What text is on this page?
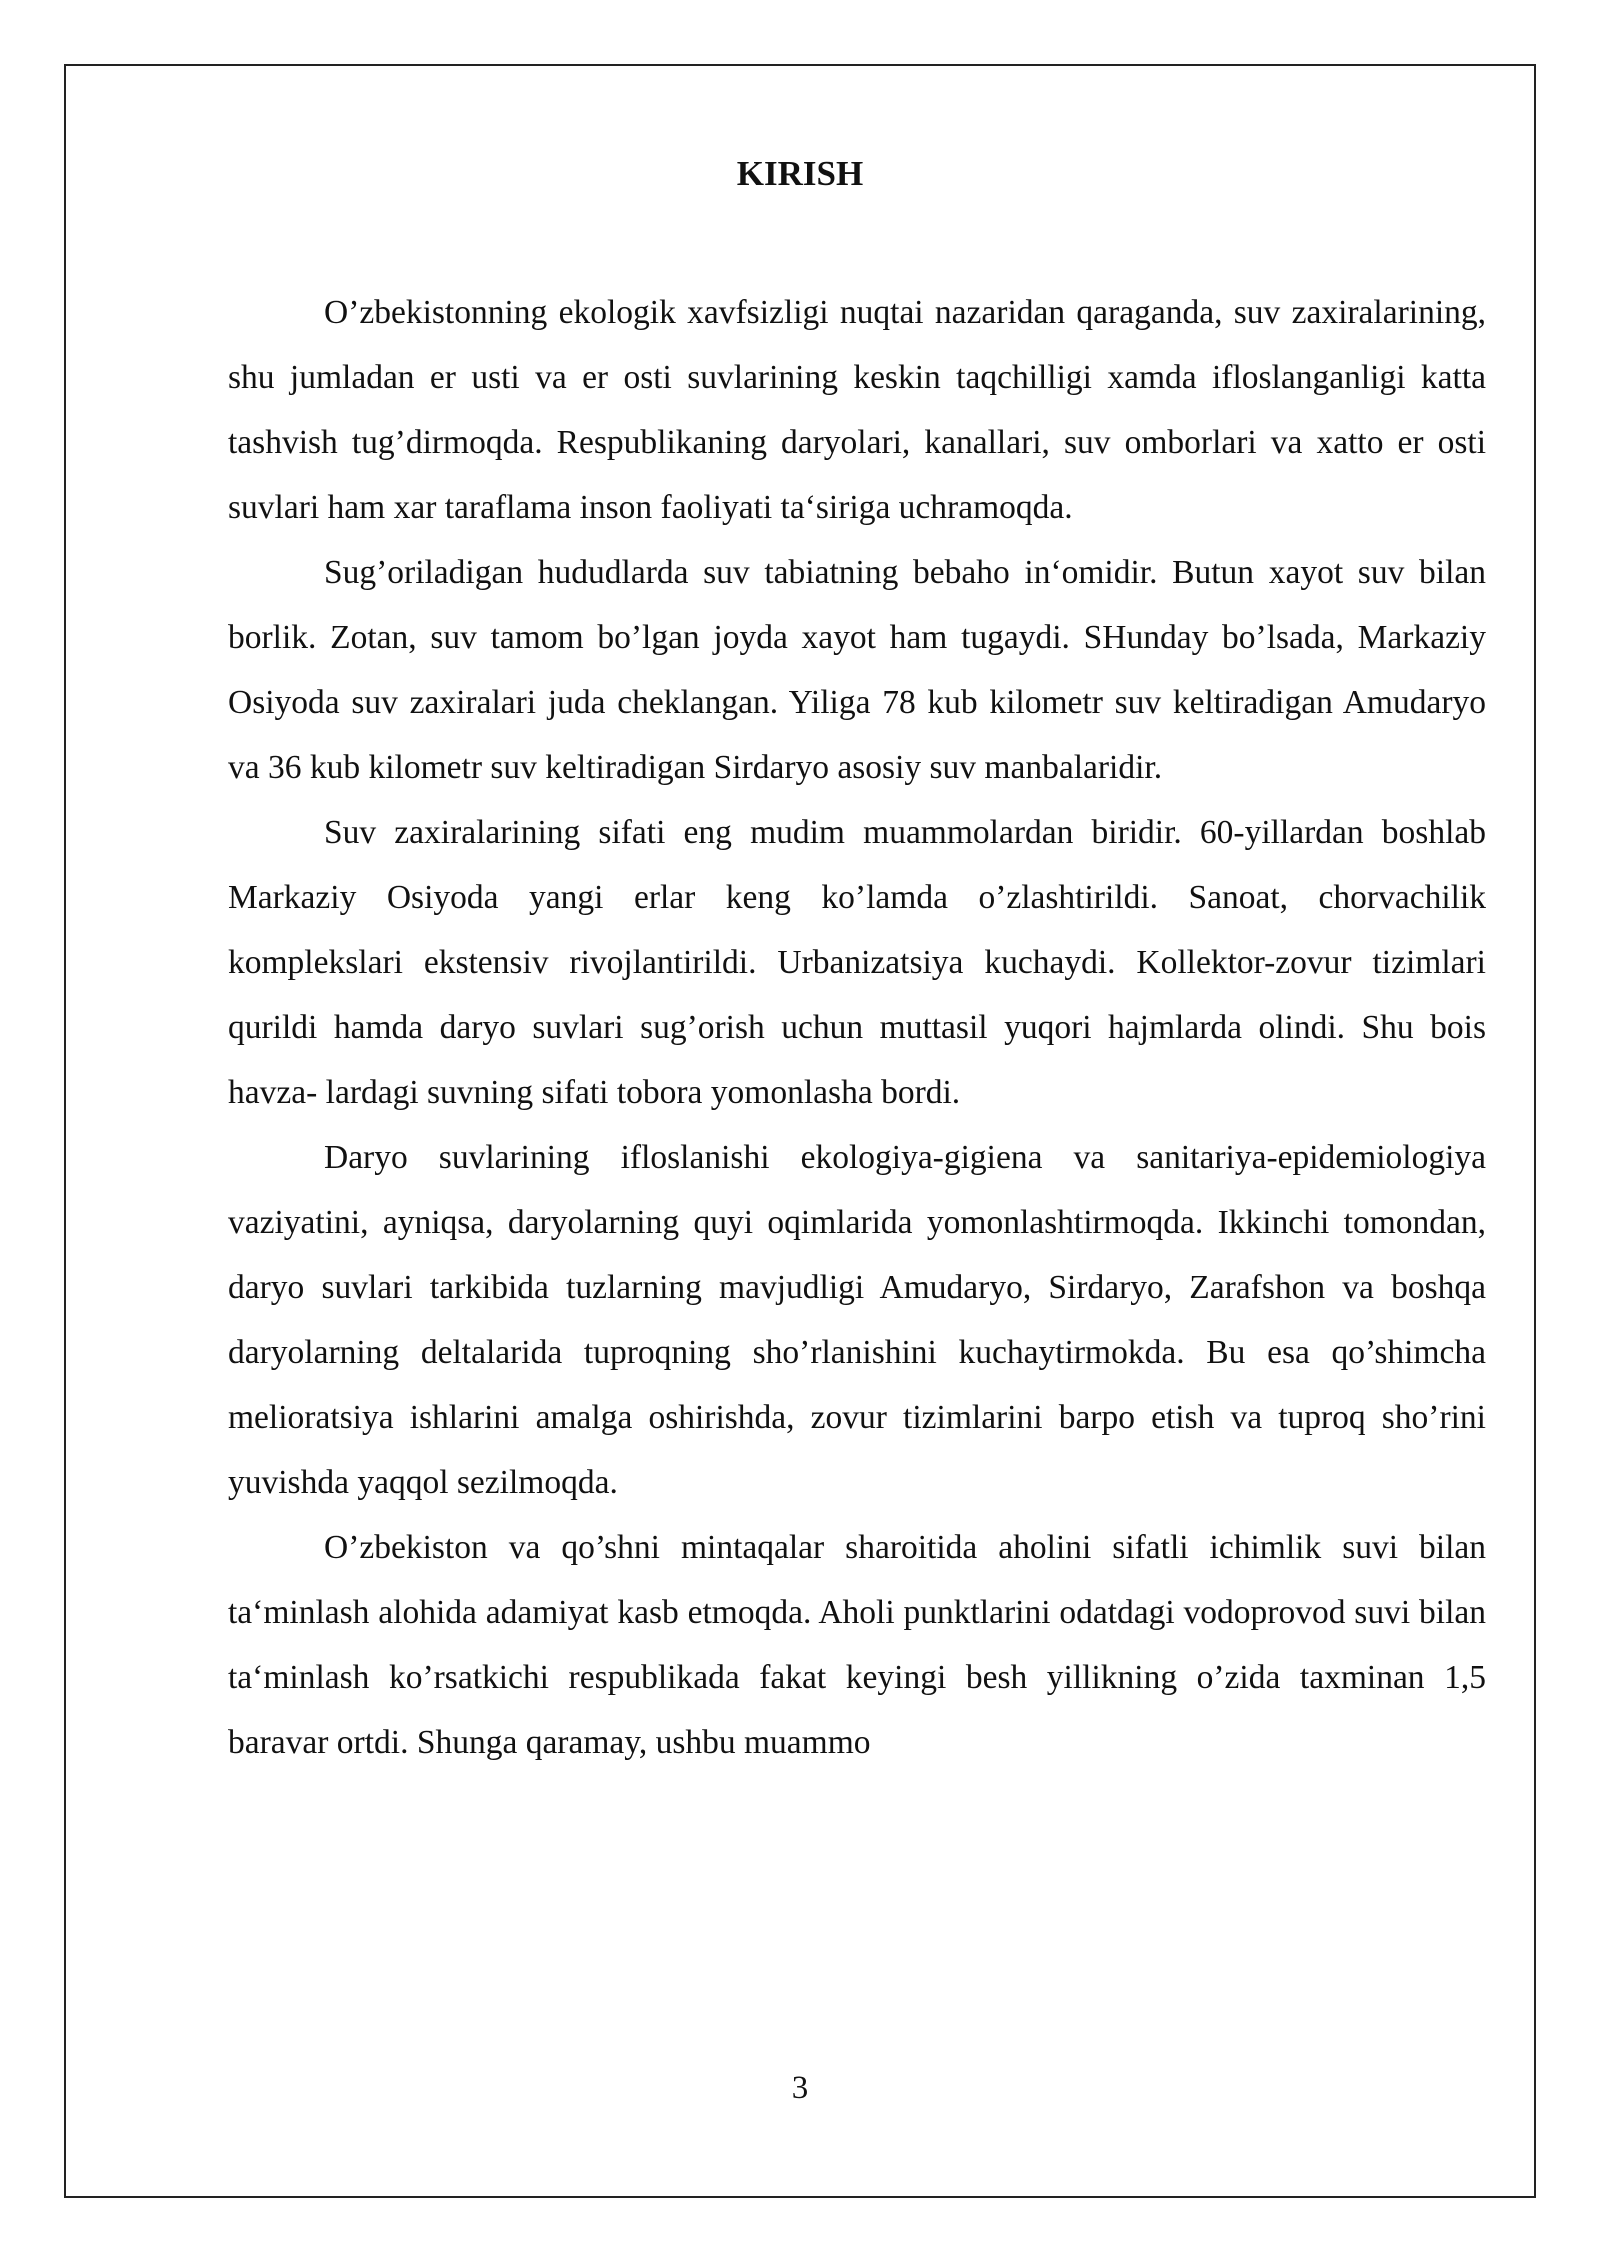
KIRISH

O’zbekistonning ekologik xavfsizligi nuqtai nazaridan qaraganda, suv zaxiralarining, shu jumladan er usti va er osti suvlarining keskin taqchilligi xamda ifloslanganligi katta tashvish tug’dirmoqda. Respublikaning daryolari, kanallari, suv omborlari va xatto er osti suvlari ham xar taraflama inson faoliyati ta‘siriga uchramoqda.

Sug’oriladigan hududlarda suv tabiatning bebaho in‘omidir. Butun xayot suv bilan borlik. Zotan, suv tamom bo’lgan joyda xayot ham tugaydi. SHunday bo’lsada, Markaziy Osiyoda suv zaxiralari juda cheklangan. Yiliga 78 kub kilometr suv keltiradigan Amudaryo va 36 kub kilometr suv keltiradigan Sirdaryo asosiy suv manbalaridir.

Suv zaxiralarining sifati eng mudim muammolardan biridir. 60-yillardan boshlab Markaziy Osiyoda yangi erlar keng ko’lamda o’zlashtirildi. Sanoat, chorvachilik komplekslari ekstensiv rivojlantirildi. Urbanizatsiya kuchaydi. Kollektor-zovur tizimlari qurildi hamda daryo suvlari sug’orish uchun muttasil yuqori hajmlarda olindi. Shu bois havza- lardagi suvning sifati tobora yomonlasha bordi.

Daryo suvlarining ifloslanishi ekologiya-gigiena va sanitariya-epidemiologiya vaziyatini, ayniqsa, daryolarning quyi oqimlarida yomonlashtirmoqda. Ikkinchi tomondan, daryo suvlari tarkibida tuzlarning mavjudligi Amudaryo, Sirdaryo, Zarafshon va boshqa daryolarning deltalarida tuproqning sho’rlanishini kuchaytirmokda. Bu esa qo’shimcha melioratsiya ishlarini amalga oshirishda, zovur tizimlarini barpo etish va tuproq sho’rini yuvishda yaqqol sezilmoqda.

O’zbekiston va qo’shni mintaqalar sharoitida aholini sifatli ichimlik suvi bilan ta‘minlash alohida adamiyat kasb etmoqda. Aholi punktlarini odatdagi vodoprovod suvi bilan ta‘minlash ko’rsatkichi respublikada fakat keyingi besh yillikning o’zida taxminan 1,5 baravar ortdi. Shunga qaramay, ushbu muammo

3
